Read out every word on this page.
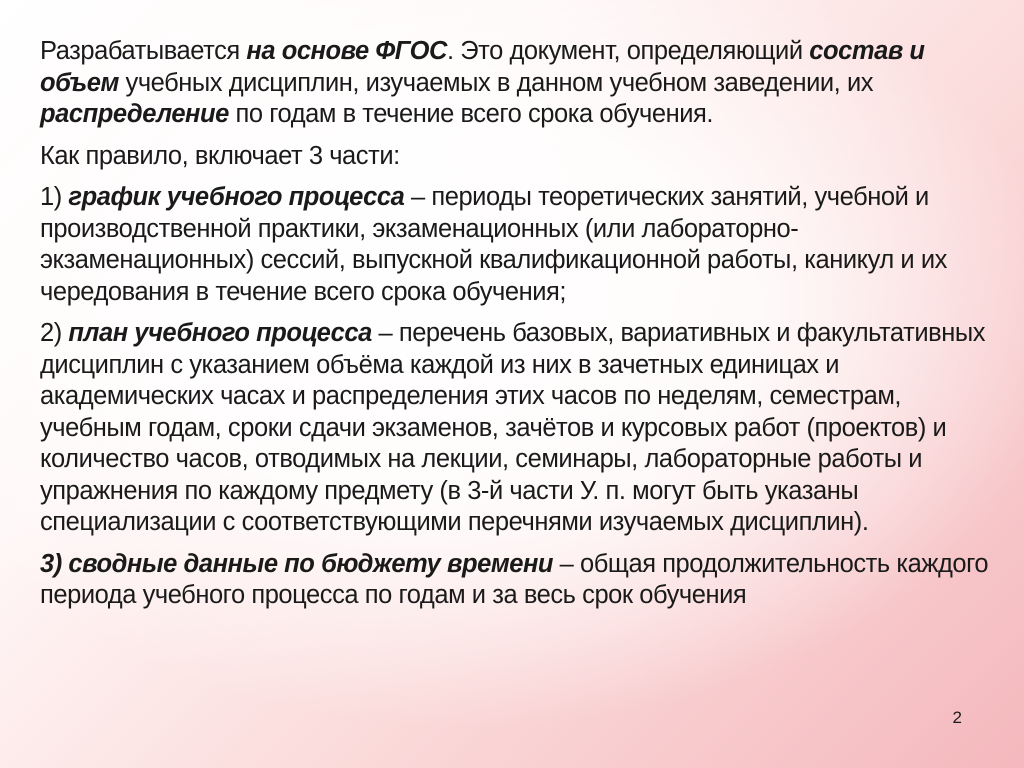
Разрабатывается на основе ФГОС. Это документ, определяющий состав и объем учебных дисциплин, изучаемых в данном учебном заведении, их распределение по годам в течение всего срока обучения.

Как правило, включает 3 части:

1) график учебного процесса – периоды теоретических занятий, учебной и производственной практики, экзаменационных (или лабораторно-экзаменационных) сессий, выпускной квалификационной работы, каникул и их чередования в течение всего срока обучения;

2) план учебного процесса – перечень базовых, вариативных и факультативных дисциплин с указанием объёма каждой из них в зачетных единицах и академических часах и распределения этих часов по неделям, семестрам, учебным годам, сроки сдачи экзаменов, зачётов и курсовых работ (проектов) и количество часов, отводимых на лекции, семинары, лабораторные работы и упражнения по каждому предмету (в 3-й части У. п. могут быть указаны специализации с соответствующими перечнями изучаемых дисциплин).

3) сводные данные по бюджету времени – общая продолжительность каждого периода учебного процесса по годам и за весь срок обучения

2
